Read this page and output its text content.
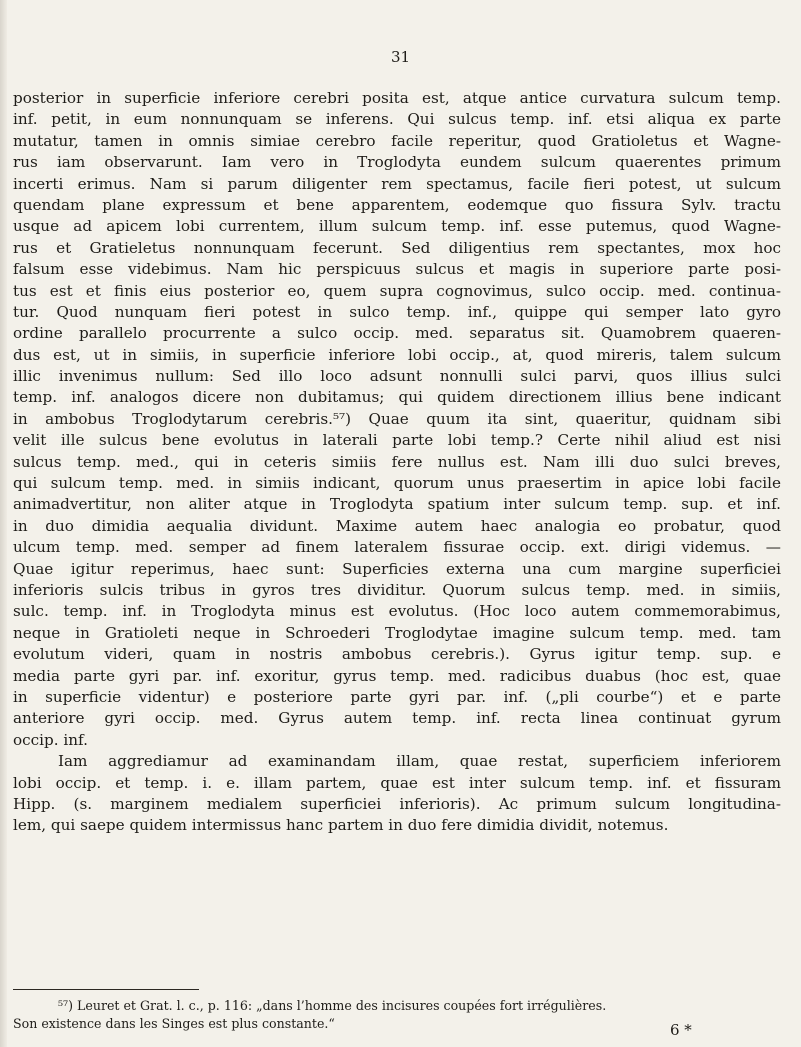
31
posterior in superficie inferiore cerebri posita est, atque antice curvatura sulcum temp.
inf. petit, in eum nonnunquam se inferens. Qui sulcus temp. inf. etsi aliqua ex parte
mutatur, tamen in omnis simiae cerebro facile reperitur, quod Gratioletus et Wagne-
rus iam observarunt. Iam vero in Troglodyta eundem sulcum quaerentes primum
incerti erimus. Nam si parum diligenter rem spectamus, facile fieri potest, ut sulcum
quendam plane expressum et bene apparentem, eodemque quo fissura Sylv. tractu
usque ad apicem lobi currentem, illum sulcum temp. inf. esse putemus, quod Wagne-
rus et Gratieletus nonnunquam fecerunt. Sed diligentius rem spectantes, mox hoc
falsum esse videbimus. Nam hic perspicuus sulcus et magis in superiore parte posi-
tus est et finis eius posterior eo, quem supra cognovimus, sulco occip. med. continua-
tur. Quod nunquam fieri potest in sulco temp. inf., quippe qui semper lato gyro
ordine parallelo procurrente a sulco occip. med. separatus sit. Quamobrem quaeren-
dus est, ut in simiis, in superficie inferiore lobi occip., at, quod mireris, talem sulcum
illic invenimus nullum: Sed illo loco adsunt nonnulli sulci parvi, quos illius sulci
temp. inf. analogos dicere non dubitamus; qui quidem directionem illius bene indicant
in ambobus Troglodytarum cerebris.⁵⁷) Quae quum ita sint, quaeritur, quidnam sibi
velit ille sulcus bene evolutus in laterali parte lobi temp.? Certe nihil aliud est nisi
sulcus temp. med., qui in ceteris simiis fere nullus est. Nam illi duo sulci breves,
qui sulcum temp. med. in simiis indicant, quorum unus praesertim in apice lobi facile
animadvertitur, non aliter atque in Troglodyta spatium inter sulcum temp. sup. et inf.
in duo dimidia aequalia dividunt. Maxime autem haec analogia eo probatur, quod
ulcum temp. med. semper ad finem lateralem fissurae occip. ext. dirigi videmus. —
Quae igitur reperimus, haec sunt: Superficies externa una cum margine superficiei
inferioris sulcis tribus in gyros tres dividitur. Quorum sulcus temp. med. in simiis,
sulc. temp. inf. in Troglodyta minus est evolutus. (Hoc loco autem commemorabimus,
neque in Gratioleti neque in Schroederi Troglodytae imagine sulcum temp. med. tam
evolutum videri, quam in nostris ambobus cerebris.). Gyrus igitur temp. sup. e
media parte gyri par. inf. exoritur, gyrus temp. med. radicibus duabus (hoc est, quae
in superficie videntur) e posteriore parte gyri par. inf. („pli courbe“) et e parte
anteriore gyri occip. med. Gyrus autem temp. inf. recta linea continuat gyrum
occip. inf.
Iam aggrediamur ad examinandam illam, quae restat, superficiem inferiorem
lobi occip. et temp. i. e. illam partem, quae est inter sulcum temp. inf. et fissuram
Hipp. (s. marginem medialem superficiei inferioris). Ac primum sulcum longitudina-
lem, qui saepe quidem intermissus hanc partem in duo fere dimidia dividit, notemus.
⁵⁷) Leuret et Grat. l. c., p. 116: „dans l’homme des incisures coupées fort irrégulières.
Son existence dans les Singes est plus constante.“	6 *
